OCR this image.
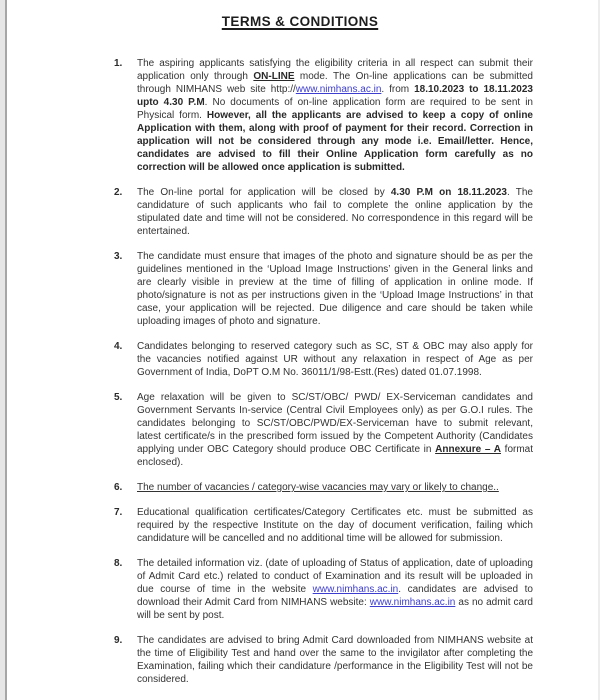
TERMS & CONDITIONS
1.	The aspiring applicants satisfying the eligibility criteria in all respect can submit their application only through ON-LINE mode. The On-line applications can be submitted through NIMHANS web site http://www.nimhans.ac.in. from 18.10.2023 to 18.11.2023 upto 4.30 P.M. No documents of on-line application form are required to be sent in Physical form. However, all the applicants are advised to keep a copy of online Application with them, along with proof of payment for their record. Correction in application will not be considered through any mode i.e. Email/letter. Hence, candidates are advised to fill their Online Application form carefully as no correction will be allowed once application is submitted.
2.	The On-line portal for application will be closed by 4.30 P.M on 18.11.2023. The candidature of such applicants who fail to complete the online application by the stipulated date and time will not be considered. No correspondence in this regard will be entertained.
3.	The candidate must ensure that images of the photo and signature should be as per the guidelines mentioned in the ‘Upload Image Instructions’ given in the General links and are clearly visible in preview at the time of filling of application in online mode. If photo/signature is not as per instructions given in the ‘Upload Image Instructions’ in that case, your application will be rejected. Due diligence and care should be taken while uploading images of photo and signature.
4.	Candidates belonging to reserved category such as SC, ST & OBC may also apply for the vacancies notified against UR without any relaxation in respect of Age as per Government of India, DoPT O.M No. 36011/1/98-Estt.(Res) dated 01.07.1998.
5.	Age relaxation will be given to SC/ST/OBC/ PWD/ EX-Serviceman candidates and Government Servants In-service (Central Civil Employees only) as per G.O.I rules. The candidates belonging to SC/ST/OBC/PWD/EX-Serviceman have to submit relevant, latest certificate/s in the prescribed form issued by the Competent Authority (Candidates applying under OBC Category should produce OBC Certificate in Annexure – A format enclosed).
6.	The number of vacancies / category-wise vacancies may vary or likely to change..
7.	Educational qualification certificates/Category Certificates etc. must be submitted as required by the respective Institute on the day of document verification, failing which candidature will be cancelled and no additional time will be allowed for submission.
8.	The detailed information viz. (date of uploading of Status of application, date of uploading of Admit Card etc.) related to conduct of Examination and its result will be uploaded in due course of time in the website www.nimhans.ac.in. candidates are advised to download their Admit Card from NIMHANS website: www.nimhans.ac.in as no admit card will be sent by post.
9.	The candidates are advised to bring Admit Card downloaded from NIMHANS website at the time of Eligibility Test and hand over the same to the invigilator after completing the Examination, failing which their candidature /performance in the Eligibility Test will not be considered.
